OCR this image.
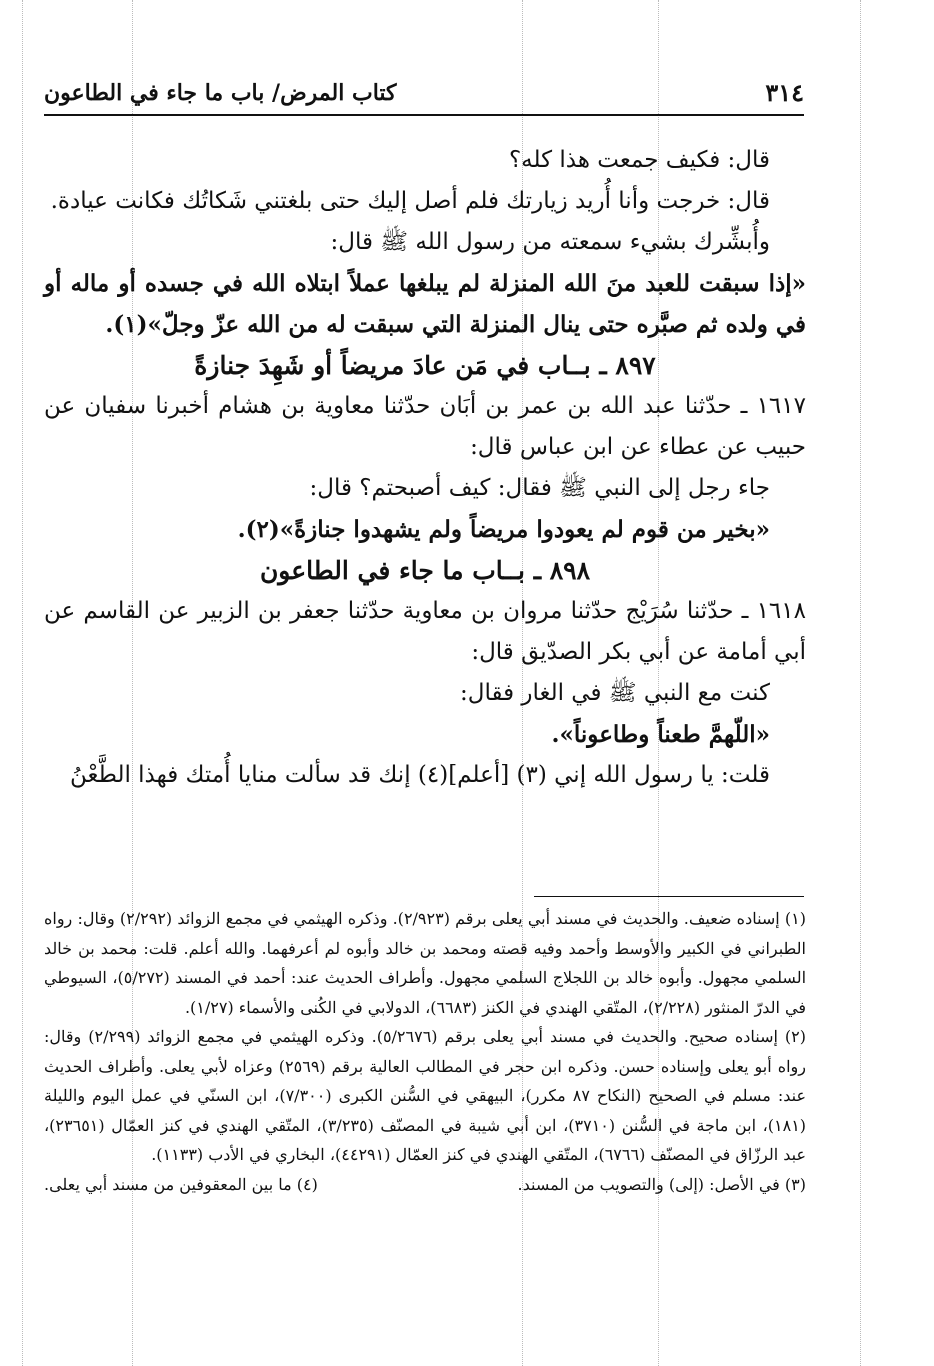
٣١٤
كتاب المرض/ باب ما جاء في الطاعون

قال: فكيف جمعت هذا كله؟

قال: خرجت وأنا أُريد زيارتك فلم أصل إليك حتى بلغتني شَكاتُك فكانت عيادة.

وأُبشِّرك بشيء سمعته من رسول الله ﷺ قال:

«إذا سبقت للعبد منَ الله المنزلة لم يبلغها عملاً ابتلاه الله في جسده أو ماله أو في ولده ثم صبَّره حتى ينال المنزلة التي سبقت له من الله عزّ وجلّ»(١).

٨٩٧ ـ بــاب في مَن عادَ مريضاً أو شَهِدَ جنازةً

١٦١٧ ـ حدّثنا عبد الله بن عمر بن أبَان حدّثنا معاوية بن هشام أخبرنا سفيان عن حبيب عن عطاء عن ابن عباس قال:

جاء رجل إلى النبي ﷺ فقال: كيف أصبحتم؟ قال:

«بخير من قوم لم يعودوا مريضاً ولم يشهدوا جنازةً»(٢).

٨٩٨ ـ بــاب ما جاء في الطاعون

١٦١٨ ـ حدّثنا سُرَيْج حدّثنا مروان بن معاوية حدّثنا جعفر بن الزبير عن القاسم عن أبي أمامة عن أبي بكر الصدّيق قال:

كنت مع النبي ﷺ في الغار فقال:

«اللّهمَّ طعناً وطاعوناً».

قلت: يا رسول الله إني (٣) [أعلم](٤) إنك قد سألت منايا أُمتك فهذا الطَّعْنُ

(١) إسناده ضعيف. والحديث في مسند أبي يعلى برقم (٢/٩٢٣). وذكره الهيثمي في مجمع الزوائد (٢/٢٩٢) وقال: رواه الطبراني في الكبير والأوسط وأحمد وفيه قصته ومحمد بن خالد وأبوه لم أعرفهما. والله أعلم. قلت: محمد بن خالد السلمي مجهول. وأبوه خالد بن اللجلاج السلمي مجهول. وأطراف الحديث عند: أحمد في المسند (٥/٢٧٢)، السيوطي في الدرّ المنثور (٢/٢٢٨)، المتّقي الهندي في الكنز (٦٦٨٣)، الدولابي في الكُنى والأسماء (١/٢٧).

(٢) إسناده صحيح. والحديث في مسند أبي يعلى برقم (٥/٢٦٧٦). وذكره الهيثمي في مجمع الزوائد (٢/٢٩٩) وقال: رواه أبو يعلى وإسناده حسن. وذكره ابن حجر في المطالب العالية برقم (٢٥٦٩) وعزاه لأبي يعلى. وأطراف الحديث عند: مسلم في الصحيح (النكاح ٨٧ مكرر)، البيهقي في السُّنن الكبرى (٧/٣٠٠)، ابن السنّي في عمل اليوم والليلة (١٨١)، ابن ماجة في السُّنن (٣٧١٠)، ابن أبي شيبة في المصنّف (٣/٢٣٥)، المتّقي الهندي في كنز العمّال (٢٣٦٥١)، عبد الرزّاق في المصنّف (٦٧٦٦)، المتّقي الهندي في كنز العمّال (٤٤٢٩١)، البخاري في الأدب (١١٣٣).

(٣) في الأصل: (إلى) والتصويب من المسند.
(٤) ما بين المعقوفين من مسند أبي يعلى.
